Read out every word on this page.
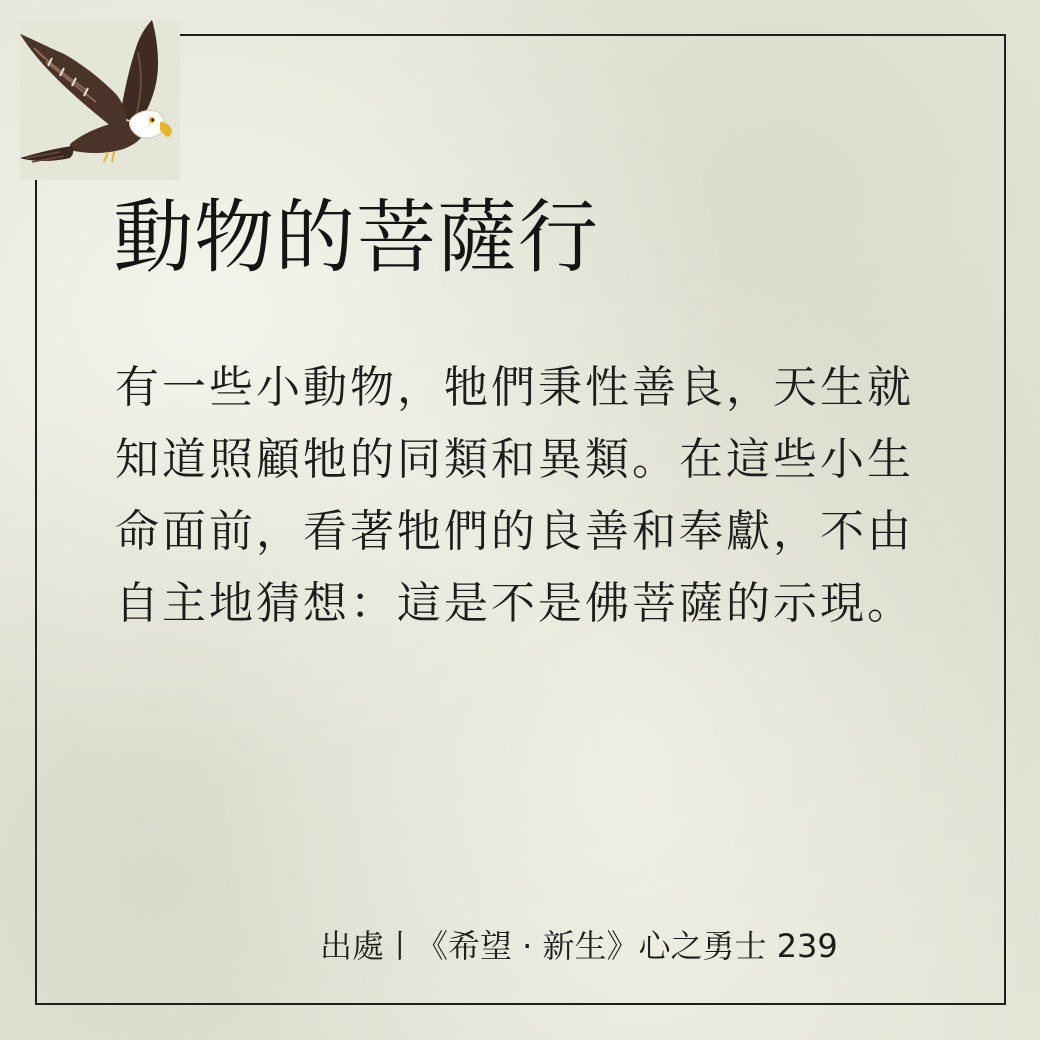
動物的菩薩行

有一些小動物，牠們秉性善良，天生就知道照顧牠的同類和異類。在這些小生命面前，看著牠們的良善和奉獻，不由自主地猜想：這是不是佛菩薩的示現。

出處丨《希望 · 新生》心之勇士 239
